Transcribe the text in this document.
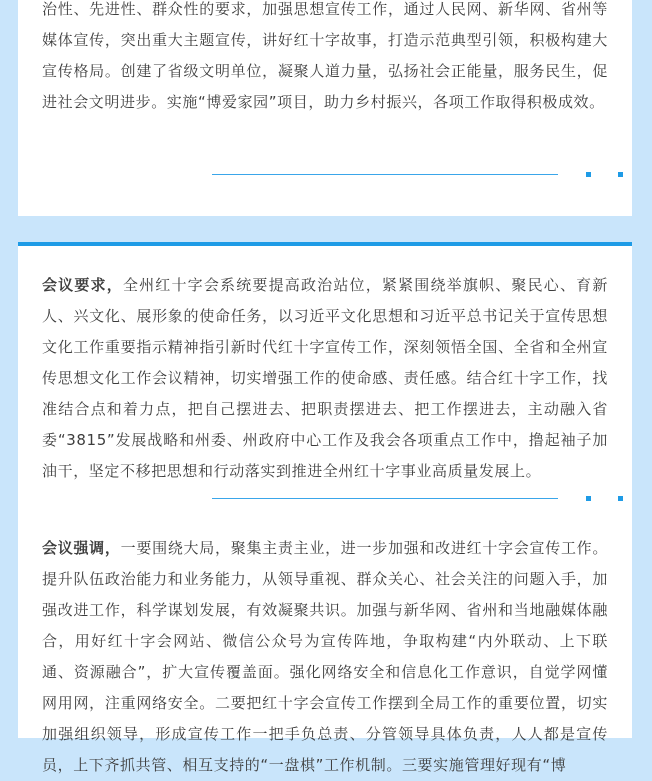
治性、先进性、群众性的要求，加强思想宣传工作，通过人民网、新华网、省州等媒体宣传，突出重大主题宣传，讲好红十字故事，打造示范典型引领，积极构建大宣传格局。创建了省级文明单位，凝聚人道力量，弘扬社会正能量，服务民生，促进社会文明进步。实施“博爱家园”项目，助力乡村振兴，各项工作取得积极成效。

会议要求，全州红十字会系统要提高政治站位，紧紧围绕举旗帜、聚民心、育新人、兴文化、展形象的使命任务，以习近平文化思想和习近平总书记关于宣传思想文化工作重要指示精神指引新时代红十字宣传工作，深刻领悟全国、全省和全州宣传思想文化工作会议精神，切实增强工作的使命感、责任感。结合红十字工作，找准结合点和着力点，把自己摆进去、把职责摆进去、把工作摆进去，主动融入省委“3815”发展战略和州委、州政府中心工作及我会各项重点工作中，撸起袖子加油干，坚定不移把思想和行动落实到推进全州红十字事业高质量发展上。

会议强调，一要围绕大局，聚集主责主业，进一步加强和改进红十字会宣传工作。提升队伍政治能力和业务能力，从领导重视、群众关心、社会关注的问题入手，加强改进工作，科学谋划发展，有效凝聚共识。加强与新华网、省州和当地融媒体融合，用好红十字会网站、微信公众号为宣传阵地，争取构建“内外联动、上下联通、资源融合”，扩大宣传覆盖面。强化网络安全和信息化工作意识，自觉学网懂网用网，注重网络安全。二要把红十字会宣传工作摆到全局工作的重要位置，切实加强组织领导，形成宣传工作一把手负总责、分管领导具体负责，人人都是宣传员，上下齐抓共管、相互支持的“一盘棋”工作机制。三要实施管理好现有“博
